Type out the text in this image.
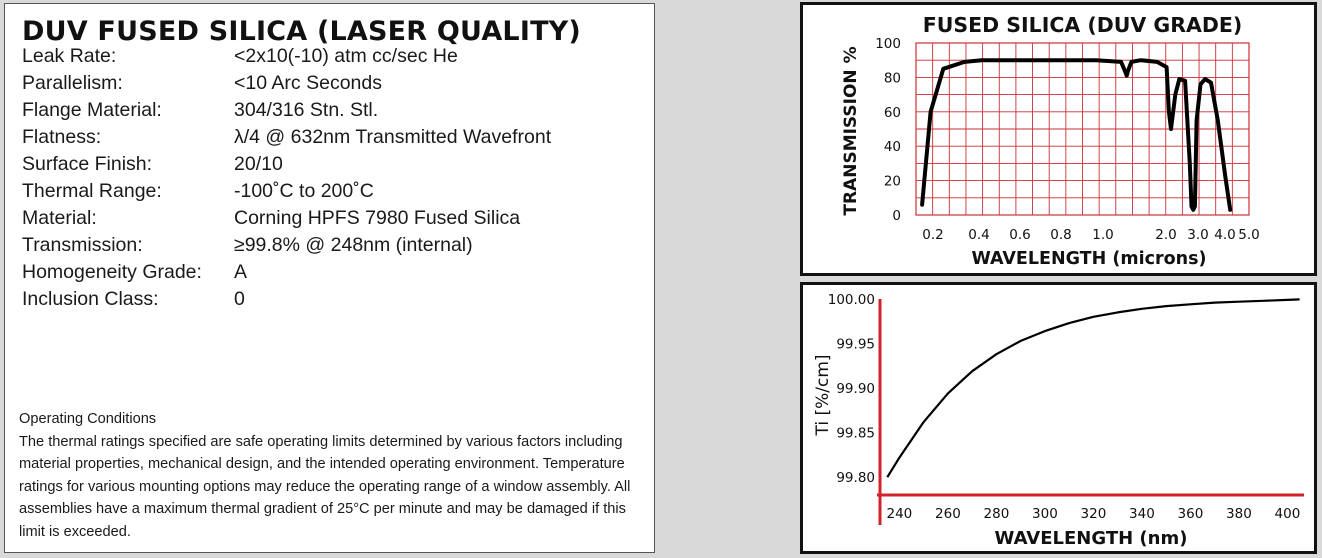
DUV FUSED SILICA (LASER QUALITY)
Leak Rate:	<2x10(-10) atm cc/sec He
Parallelism:	<10 Arc Seconds
Flange Material:	304/316 Stn. Stl.
Flatness:	λ/4 @ 632nm Transmitted Wavefront
Surface Finish:	20/10
Thermal Range:	-100˚C to 200˚C
Material:	Corning HPFS 7980 Fused Silica
Transmission:	≥99.8% @ 248nm (internal)
Homogeneity Grade: A
Inclusion Class:	0
Operating Conditions
The thermal ratings specified are safe operating limits determined by various factors including material properties, mechanical design, and the intended operating environment. Temperature ratings for various mounting options may reduce the operating range of a window assembly. All assemblies have a maximum thermal gradient of 25°C per minute and may be damaged if this limit is exceeded.
FUSED SILICA (DUV GRADE)
WAVELENGTH (microns)
TRANSMISSION %
0.2 0.4 0.6 0.8 1.0	2.0 3.0 4.0 5.0
0
20
40
60
80
100
99.80
99.85
99.90
99.95
100.00
240 260 280 300 320 340 360 380 400
WAVELENGTH (nm)
Ti [%/cm]
